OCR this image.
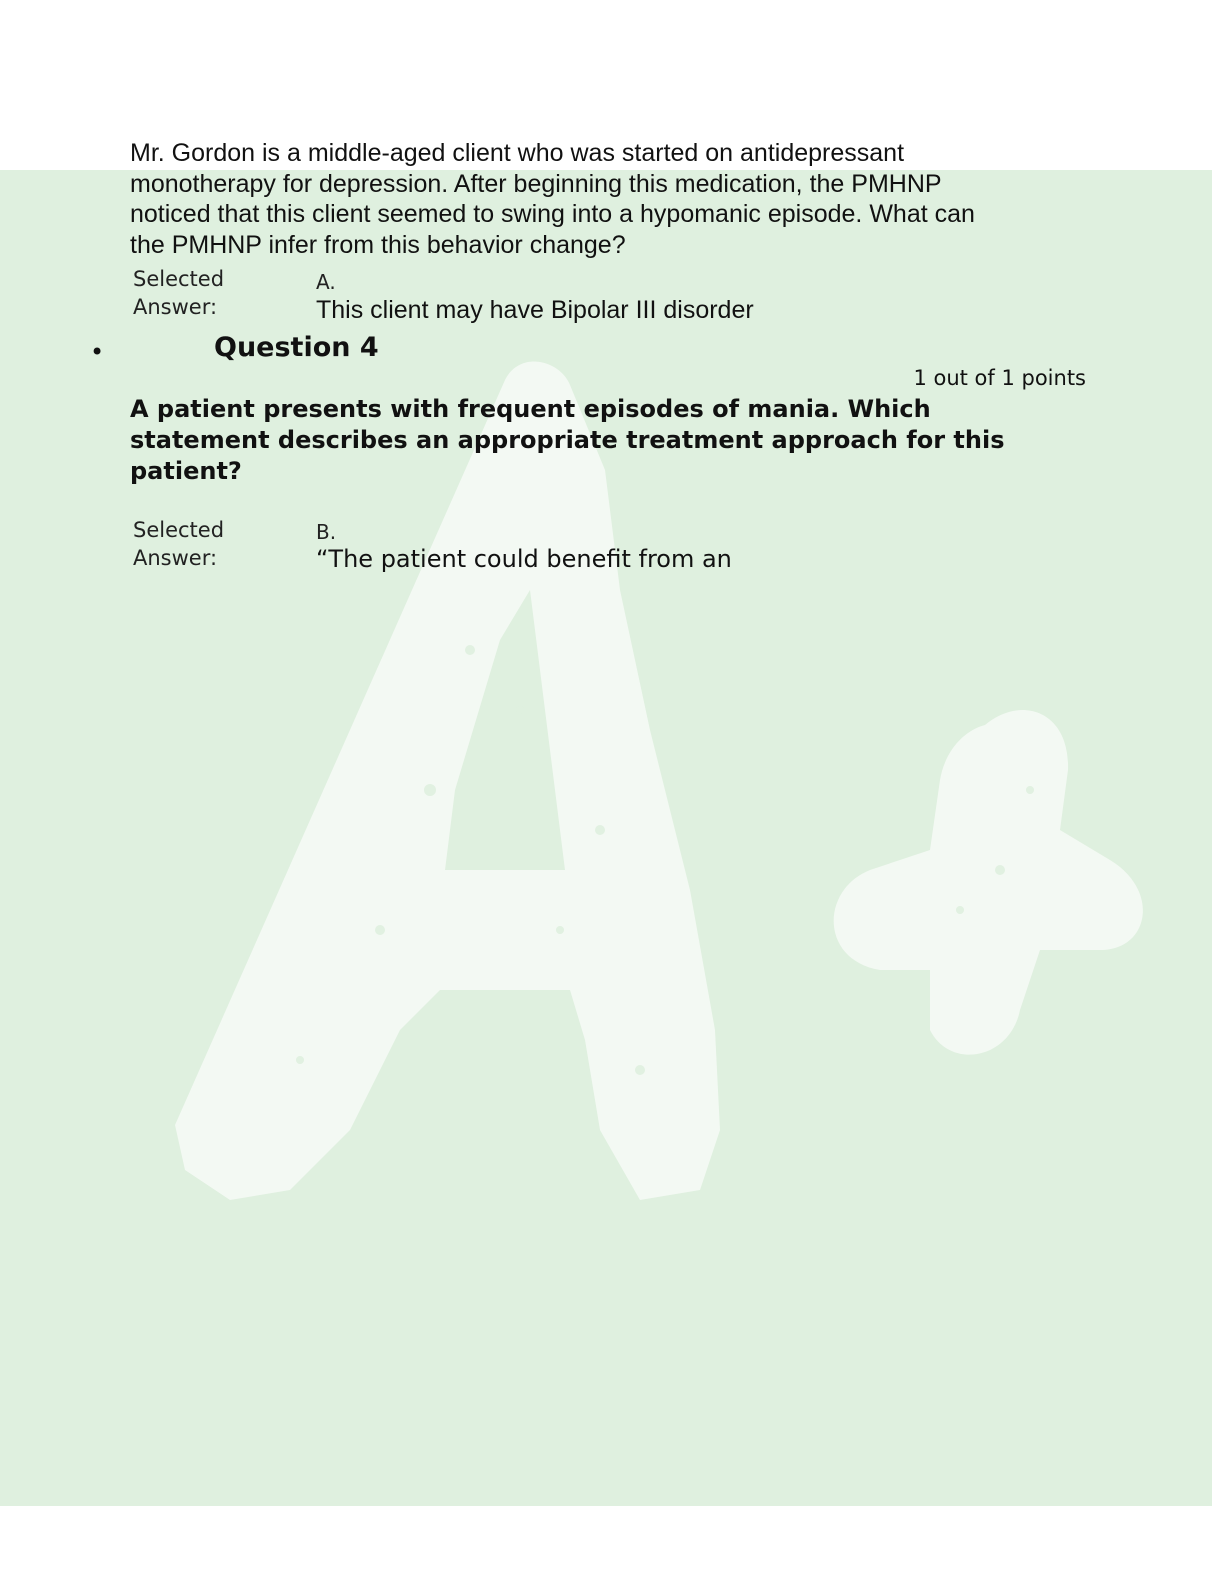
Mr. Gordon is a middle-aged client who was started on antidepressant
monotherapy for depression. After beginning this medication, the PMHNP
noticed that this client seemed to swing into a hypomanic episode. What can
the PMHNP infer from this behavior change?

Selected
Answer:
A.
This client may have Bipolar III disorder
•	Question 4
1 out of 1 points

A patient presents with frequent episodes of mania. Which
statement describes an appropriate treatment approach for this
patient?

Selected
Answer:
B.
“The patient could benefit from an
